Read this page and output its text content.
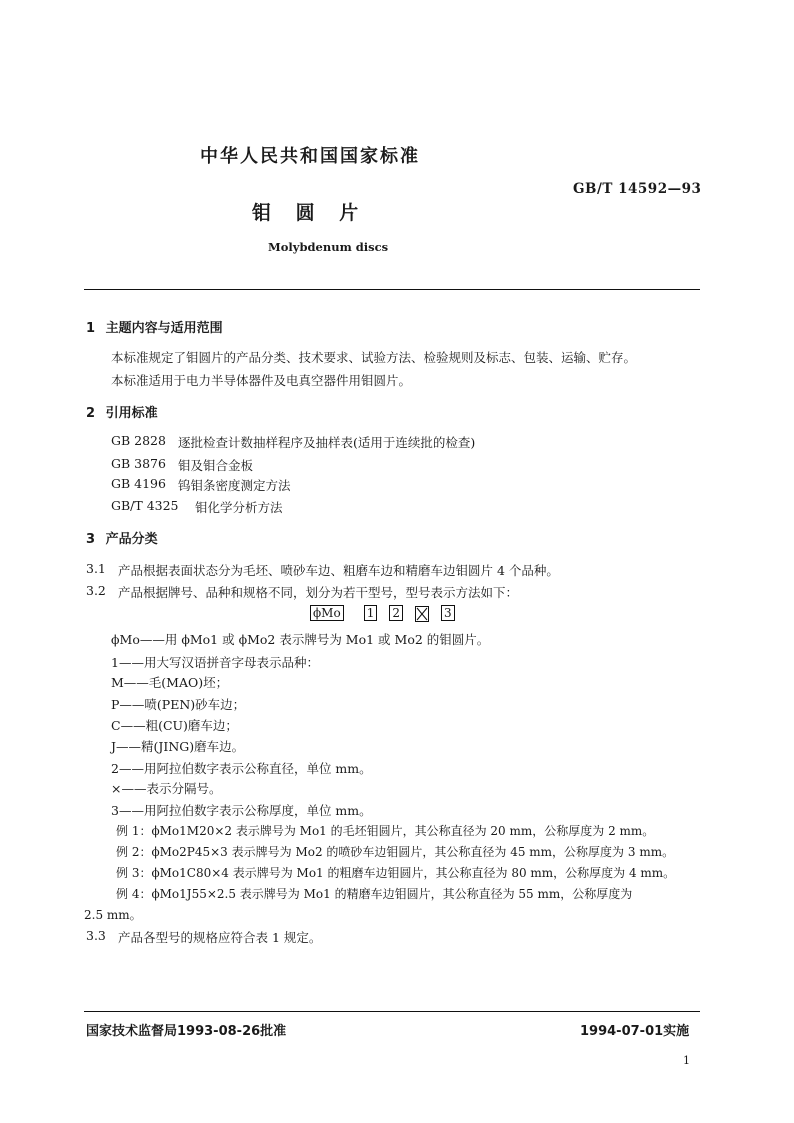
中华人民共和国国家标准
GB/T 14592—93
钼 圆 片
Molybdenum discs
1 主题内容与适用范围
本标准规定了钼圆片的产品分类、技术要求、试验方法、检验规则及标志、包装、运输、贮存。
本标准适用于电力半导体器件及电真空器件用钼圆片。
2 引用标准
GB 2828 逐批检查计数抽样程序及抽样表(适用于连续批的检查)
GB 3876 钼及钼合金板
GB 4196 钨钼条密度测定方法
GB/T 4325 钼化学分析方法
3 产品分类
3.1 产品根据表面状态分为毛坯、喷砂车边、粗磨车边和精磨车边钼圆片 4 个品种。
3.2 产品根据牌号、品种和规格不同，划分为若干型号，型号表示方法如下：
ϕMo 1 2	3
ϕMo——用 ϕMo1 或 ϕMo2 表示牌号为 Mo1 或 Mo2 的钼圆片。
1——用大写汉语拼音字母表示品种：
M——毛(MAO)坯；
P——喷(PEN)砂车边；
C——粗(CU)磨车边；
J——精(JING)磨车边。
2——用阿拉伯数字表示公称直径，单位 mm。
×——表示分隔号。
3——用阿拉伯数字表示公称厚度，单位 mm。
例 1：ϕMo1M20×2 表示牌号为 Mo1 的毛坯钼圆片，其公称直径为 20 mm，公称厚度为 2 mm。
例 2：ϕMo2P45×3 表示牌号为 Mo2 的喷砂车边钼圆片，其公称直径为 45 mm，公称厚度为 3 mm。
例 3：ϕMo1C80×4 表示牌号为 Mo1 的粗磨车边钼圆片，其公称直径为 80 mm，公称厚度为 4 mm。
例 4：ϕMo1J55×2.5 表示牌号为 Mo1 的精磨车边钼圆片，其公称直径为 55 mm，公称厚度为
2.5 mm。
3.3 产品各型号的规格应符合表 1 规定。
国家技术监督局1993-08-26批准	1994-07-01实施
1
